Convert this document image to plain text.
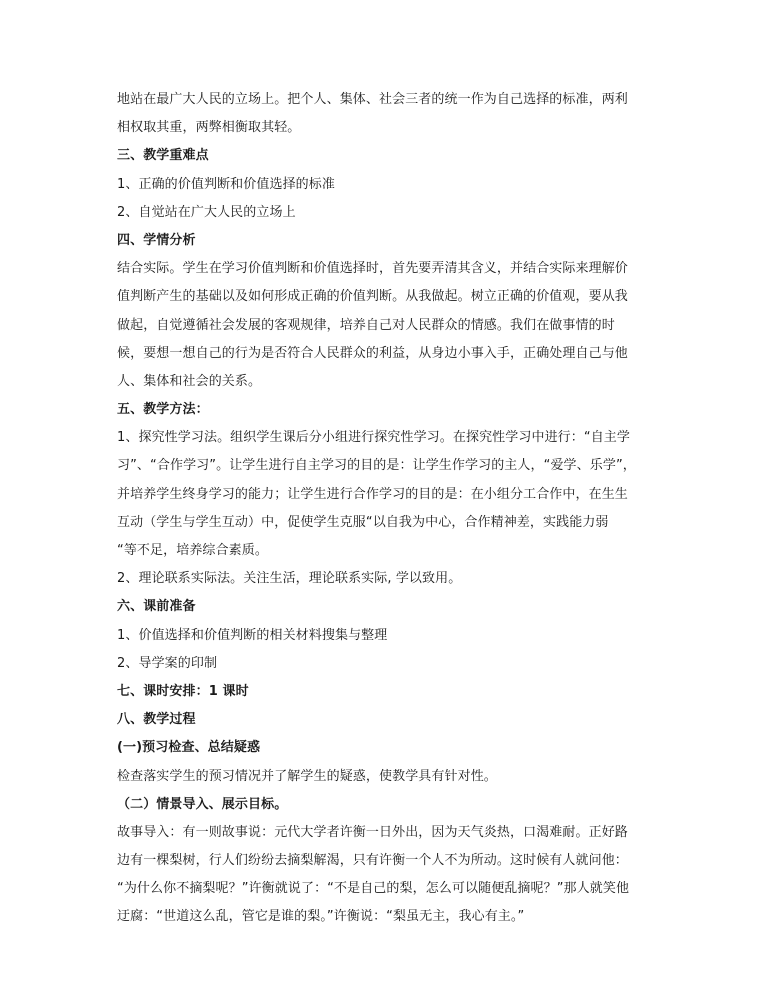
地站在最广大人民的立场上。把个人、集体、社会三者的统一作为自己选择的标准，两利
相权取其重，两弊相衡取其轻。
三、教学重难点
1、正确的价值判断和价值选择的标准
2、自觉站在广大人民的立场上
四、学情分析
结合实际。学生在学习价值判断和价值选择时，首先要弄清其含义，并结合实际来理解价
值判断产生的基础以及如何形成正确的价值判断。从我做起。树立正确的价值观，要从我
做起，自觉遵循社会发展的客观规律，培养自己对人民群众的情感。我们在做事情的时
候，要想一想自己的行为是否符合人民群众的利益，从身边小事入手，正确处理自己与他
人、集体和社会的关系。
五、教学方法：
1、探究性学习法。组织学生课后分小组进行探究性学习。在探究性学习中进行：“自主学
习”、“合作学习”。让学生进行自主学习的目的是：让学生作学习的主人，“爱学、乐学”，
并培养学生终身学习的能力；让学生进行合作学习的目的是：在小组分工合作中，在生生
互动（学生与学生互动）中，促使学生克服“以自我为中心，合作精神差，实践能力弱
“等不足，培养综合素质。
2、理论联系实际法。关注生活，理论联系实际, 学以致用。
六、课前准备
1、价值选择和价值判断的相关材料搜集与整理
2、导学案的印制
七、课时安排：1 课时
八、教学过程
(一)预习检查、总结疑惑
检查落实学生的预习情况并了解学生的疑惑，使教学具有针对性。
（二）情景导入、展示目标。
故事导入：有一则故事说：元代大学者许衡一日外出，因为天气炎热，口渴难耐。正好路
边有一棵梨树，行人们纷纷去摘梨解渴，只有许衡一个人不为所动。这时候有人就问他：
“为什么你不摘梨呢？”许衡就说了：“不是自己的梨，怎么可以随便乱摘呢？”那人就笑他
迂腐：“世道这么乱，管它是谁的梨。”许衡说：“梨虽无主，我心有主。”
